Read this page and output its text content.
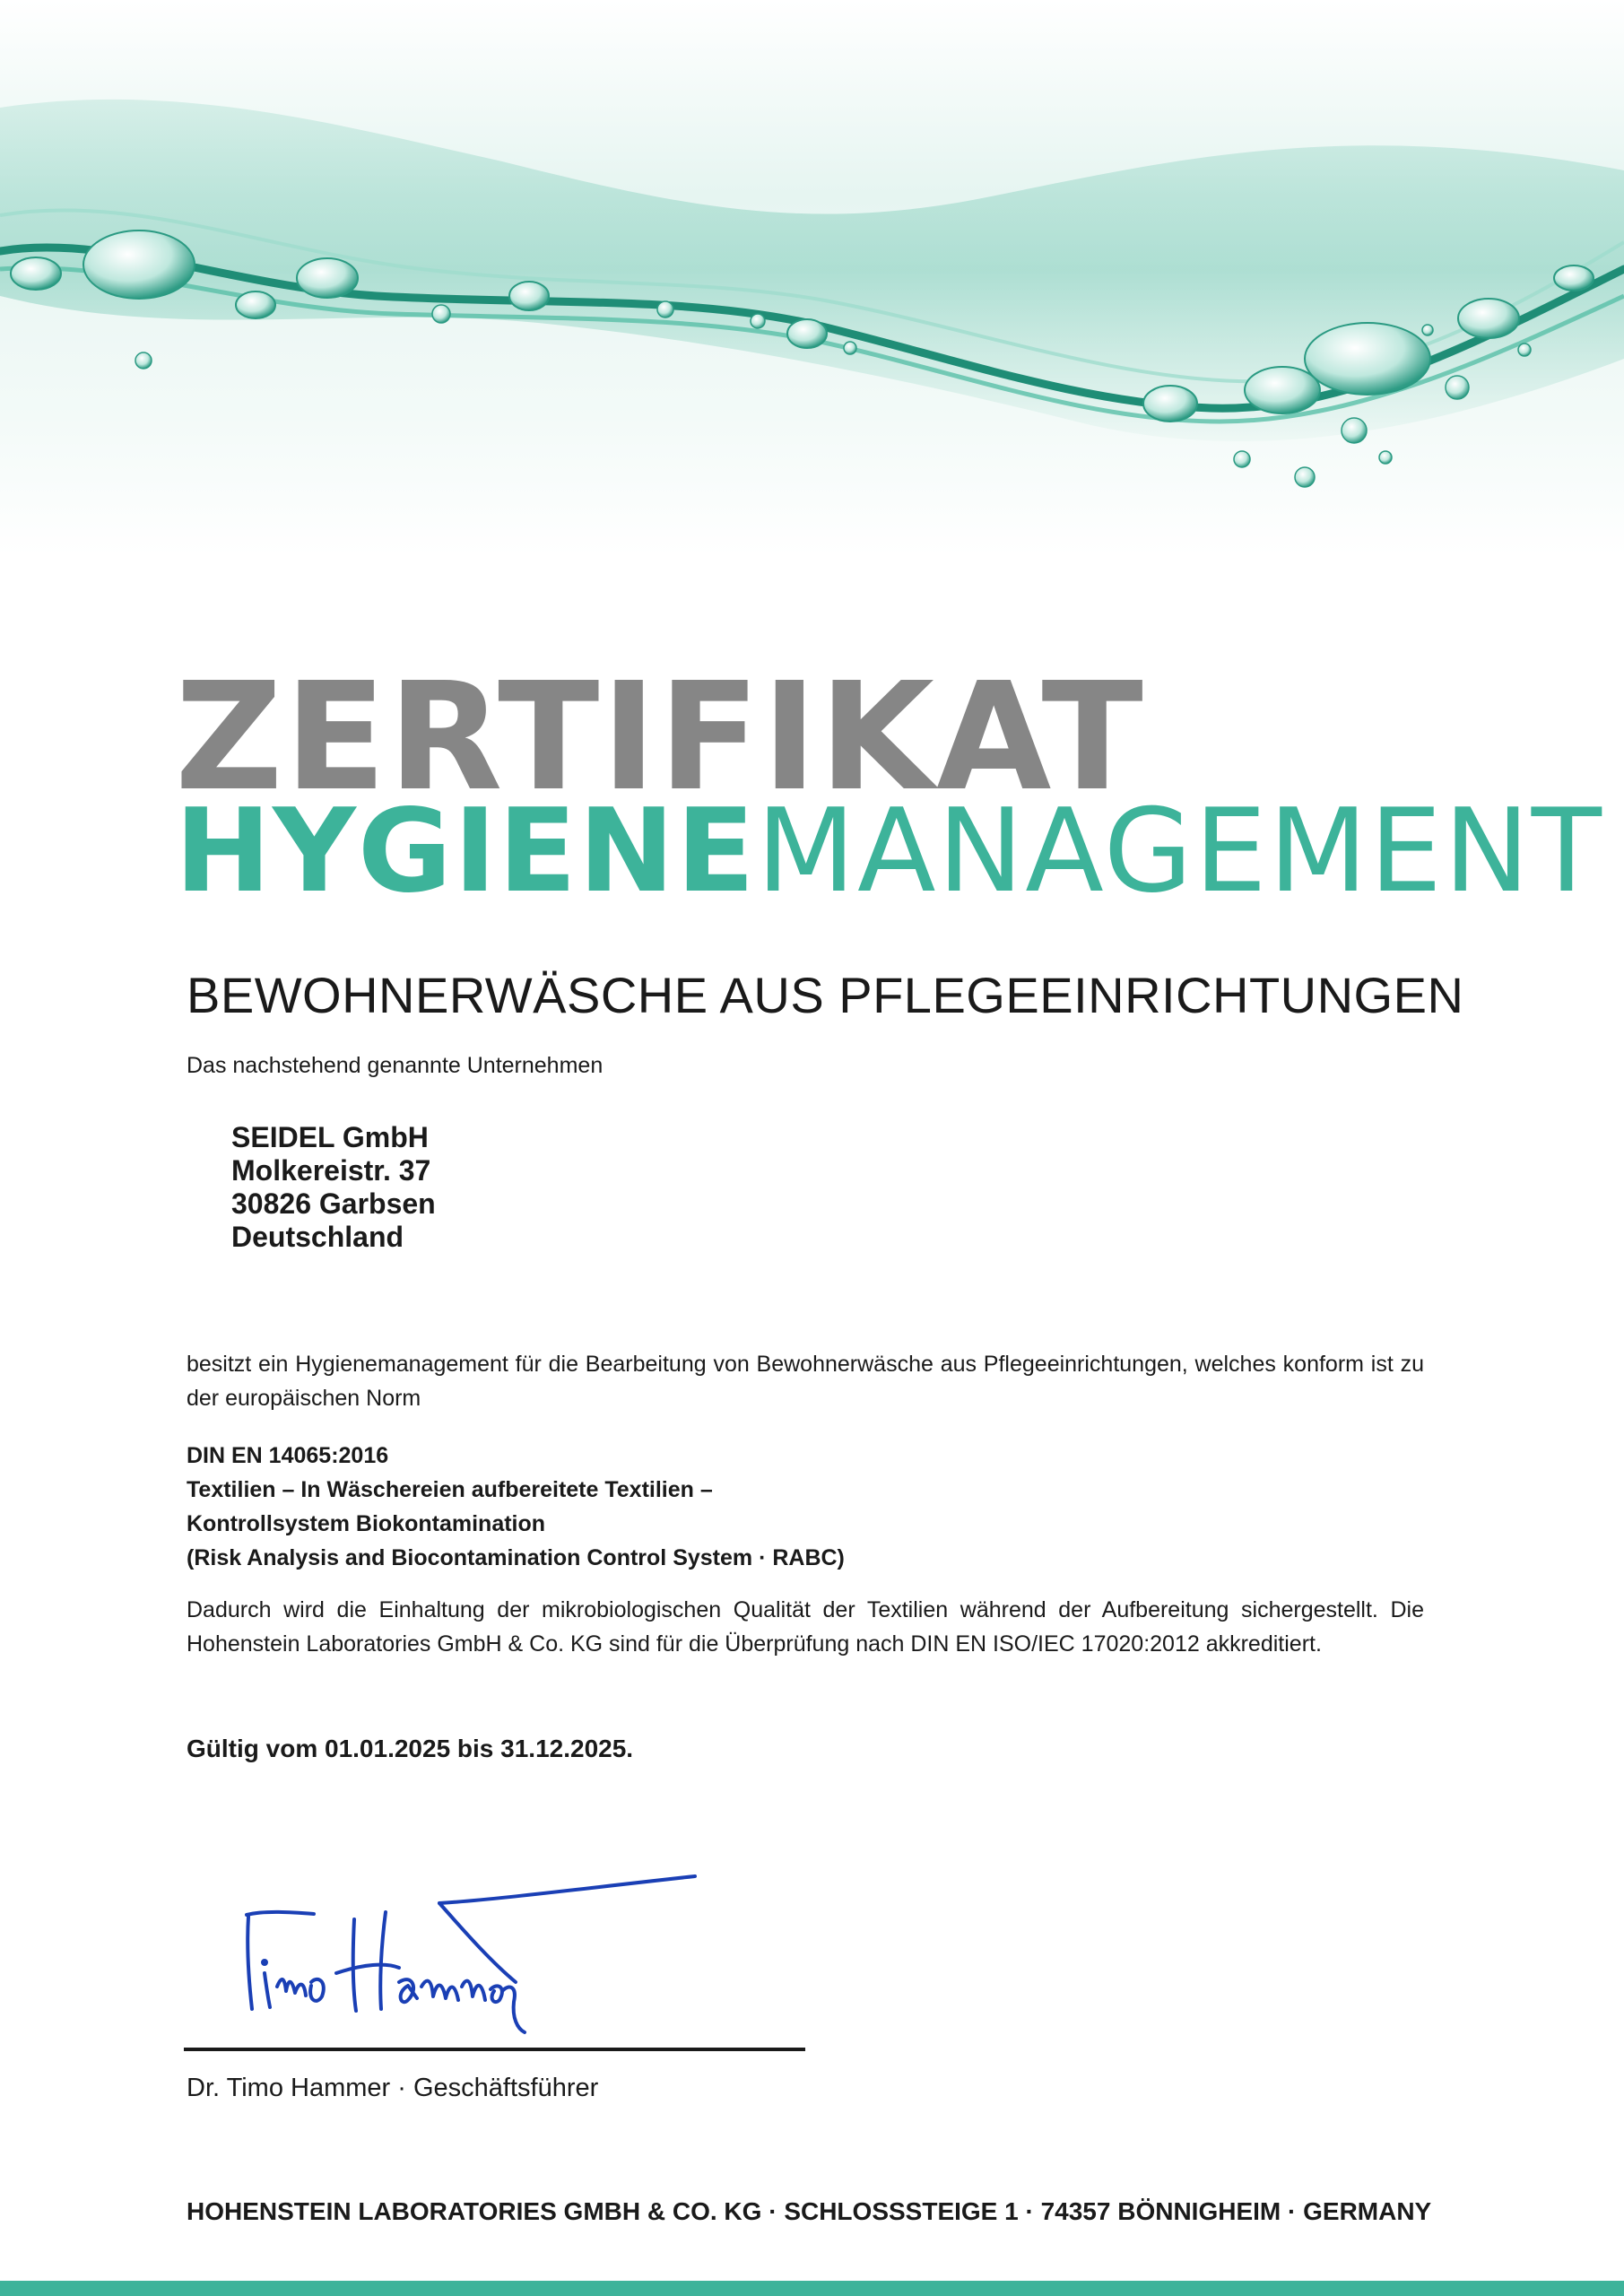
ZERTIFIKAT
HYGIENEMANAGEMENT
BEWOHNERWÄSCHE AUS PFLEGEEINRICHTUNGEN
Das nachstehend genannte Unternehmen
SEIDEL GmbH
Molkereistr. 37
30826 Garbsen
Deutschland
besitzt ein Hygienemanagement für die Bearbeitung von Bewohnerwäsche aus Pflegeeinrichtungen, welches konform ist zu der europäischen Norm
DIN EN 14065:2016
Textilien – In Wäschereien aufbereitete Textilien –
Kontrollsystem Biokontamination
(Risk Analysis and Biocontamination Control System · RABC)
Dadurch wird die Einhaltung der mikrobiologischen Qualität der Textilien während der Aufbereitung sichergestellt. Die Hohenstein Laboratories GmbH & Co. KG sind für die Überprüfung nach DIN EN ISO/IEC 17020:2012 akkreditiert.
Gültig vom 01.01.2025 bis 31.12.2025.
Dr. Timo Hammer · Geschäftsführer
HOHENSTEIN LABORATORIES GMBH & CO. KG · SCHLOSSSTEIGE 1 · 74357 BÖNNIGHEIM · GERMANY
